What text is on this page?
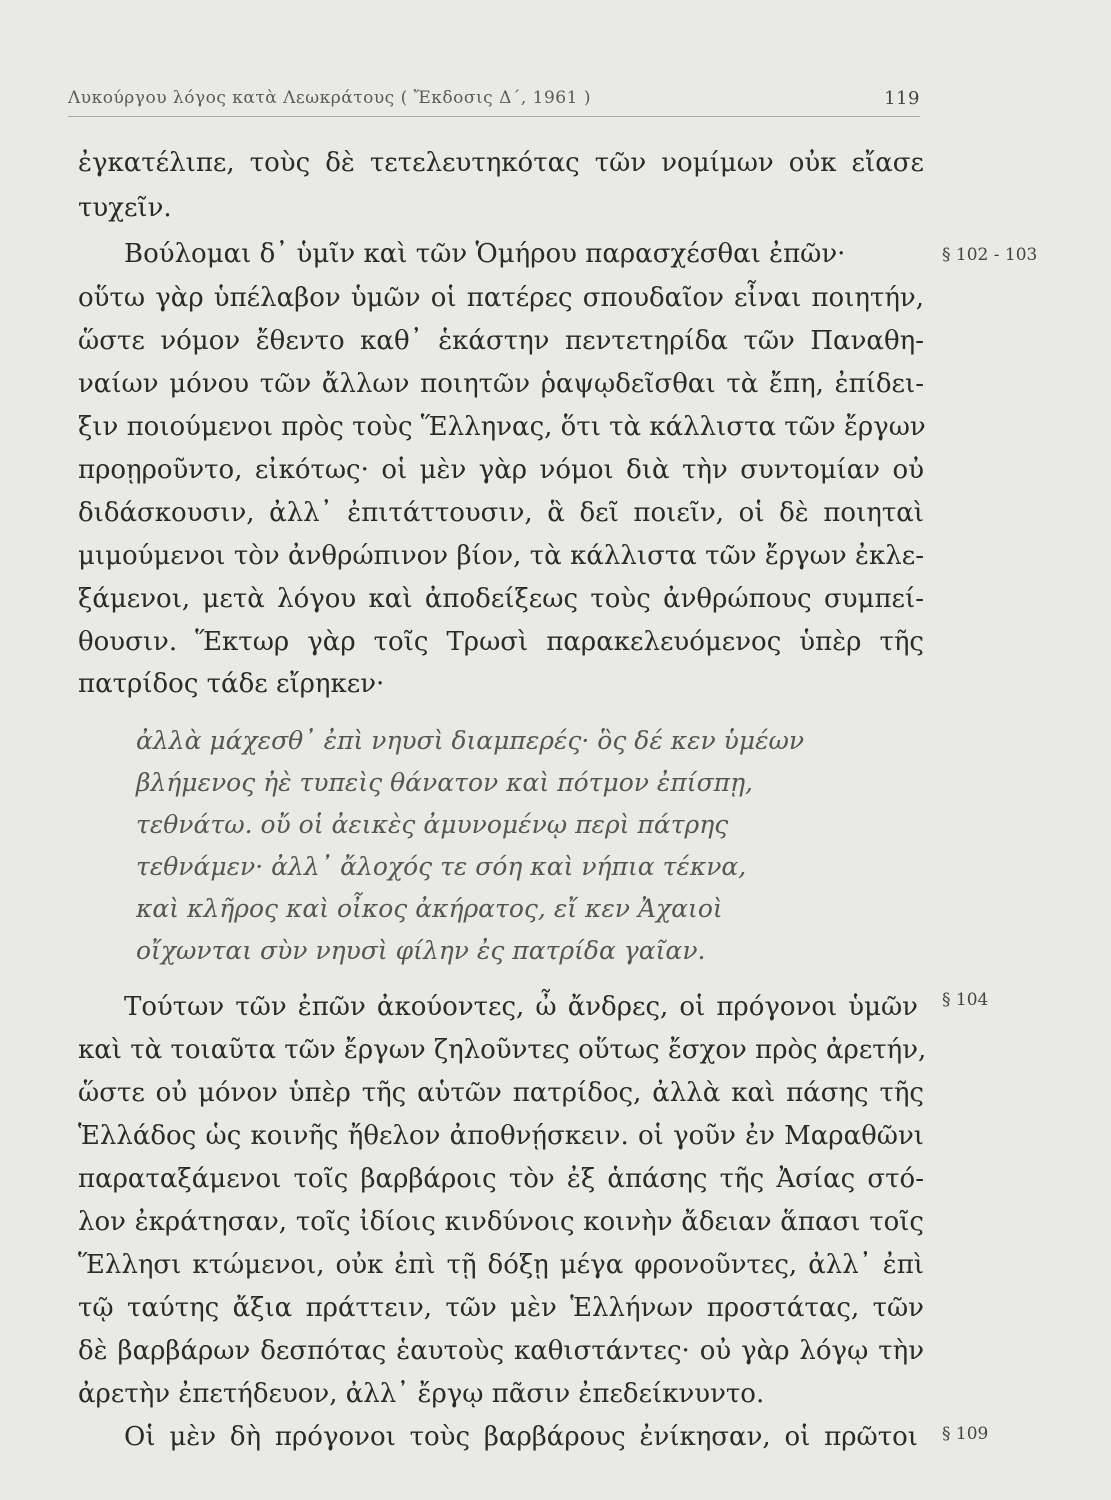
Λυκούργου λόγος κατὰ Λεωκράτους ( Ἔκδοσις Δ΄, 1961 )	119
ἐγκατέλιπε, τοὺς δὲ τετελευτηκότας τῶν νομίμων οὐκ εἴασε
τυχεῖν.
Βούλομαι δ᾽ ὑμῖν καὶ τῶν Ὁμήρου παρασχέσθαι ἐπῶν·
οὕτω γὰρ ὑπέλαβον ὑμῶν οἱ πατέρες σπουδαῖον εἶναι ποιητήν,
ὥστε νόμον ἔθεντο καθ᾽ ἑκάστην πεντετηρίδα τῶν Παναθη-
ναίων μόνου τῶν ἄλλων ποιητῶν ῥαψῳδεῖσθαι τὰ ἔπη, ἐπίδει-
ξιν ποιούμενοι πρὸς τοὺς Ἕλληνας, ὅτι τὰ κάλλιστα τῶν ἔργων
προῃροῦντο, εἰκότως· οἱ μὲν γὰρ νόμοι διὰ τὴν συντομίαν οὐ
διδάσκουσιν, ἀλλ᾽ ἐπιτάττουσιν, ἃ δεῖ ποιεῖν, οἱ δὲ ποιηταὶ
μιμούμενοι τὸν ἀνθρώπινον βίον, τὰ κάλλιστα τῶν ἔργων ἐκλε-
ξάμενοι, μετὰ λόγου καὶ ἀποδείξεως τοὺς ἀνθρώπους συμπεί-
θουσιν. Ἕκτωρ γὰρ τοῖς Τρωσὶ παρακελευόμενος ὑπὲρ τῆς
πατρίδος τάδε εἴρηκεν·
ἀλλὰ μάχεσθ᾽ ἐπὶ νηυσὶ διαμπερές· ὃς δέ κεν ὑμέων
βλήμενος ἠὲ τυπεὶς θάνατον καὶ πότμον ἐπίσπῃ,
τεθνάτω. οὔ οἱ ἀεικὲς ἀμυνομένῳ περὶ πάτρης
τεθνάμεν· ἀλλ᾽ ἄλοχός τε σόη καὶ νήπια τέκνα,
καὶ κλῆρος καὶ οἶκος ἀκήρατος, εἴ κεν Ἀχαιοὶ
οἴχωνται σὺν νηυσὶ φίλην ἐς πατρίδα γαῖαν.
Τούτων τῶν ἐπῶν ἀκούοντες, ὦ ἄνδρες, οἱ πρόγονοι ὑμῶν
καὶ τὰ τοιαῦτα τῶν ἔργων ζηλοῦντες οὕτως ἔσχον πρὸς ἀρετήν,
ὥστε οὐ μόνον ὑπὲρ τῆς αὑτῶν πατρίδος, ἀλλὰ καὶ πάσης τῆς
Ἑλλάδος ὡς κοινῆς ἤθελον ἀποθνῄσκειν. οἱ γοῦν ἐν Μαραθῶνι
παραταξάμενοι τοῖς βαρβάροις τὸν ἐξ ἁπάσης τῆς Ἀσίας στό-
λον ἐκράτησαν, τοῖς ἰδίοις κινδύνοις κοινὴν ἄδειαν ἅπασι τοῖς
Ἕλλησι κτώμενοι, οὐκ ἐπὶ τῇ δόξῃ μέγα φρονοῦντες, ἀλλ᾽ ἐπὶ
τῷ ταύτης ἄξια πράττειν, τῶν μὲν Ἑλλήνων προστάτας, τῶν
δὲ βαρβάρων δεσπότας ἑαυτοὺς καθιστάντες· οὐ γὰρ λόγῳ τὴν
ἀρετὴν ἐπετήδευον, ἀλλ᾽ ἔργῳ πᾶσιν ἐπεδείκνυντο.
Οἱ μὲν δὴ πρόγονοι τοὺς βαρβάρους ἐνίκησαν, οἱ πρῶτοι
§ 102 - 103
§ 104
§ 109
